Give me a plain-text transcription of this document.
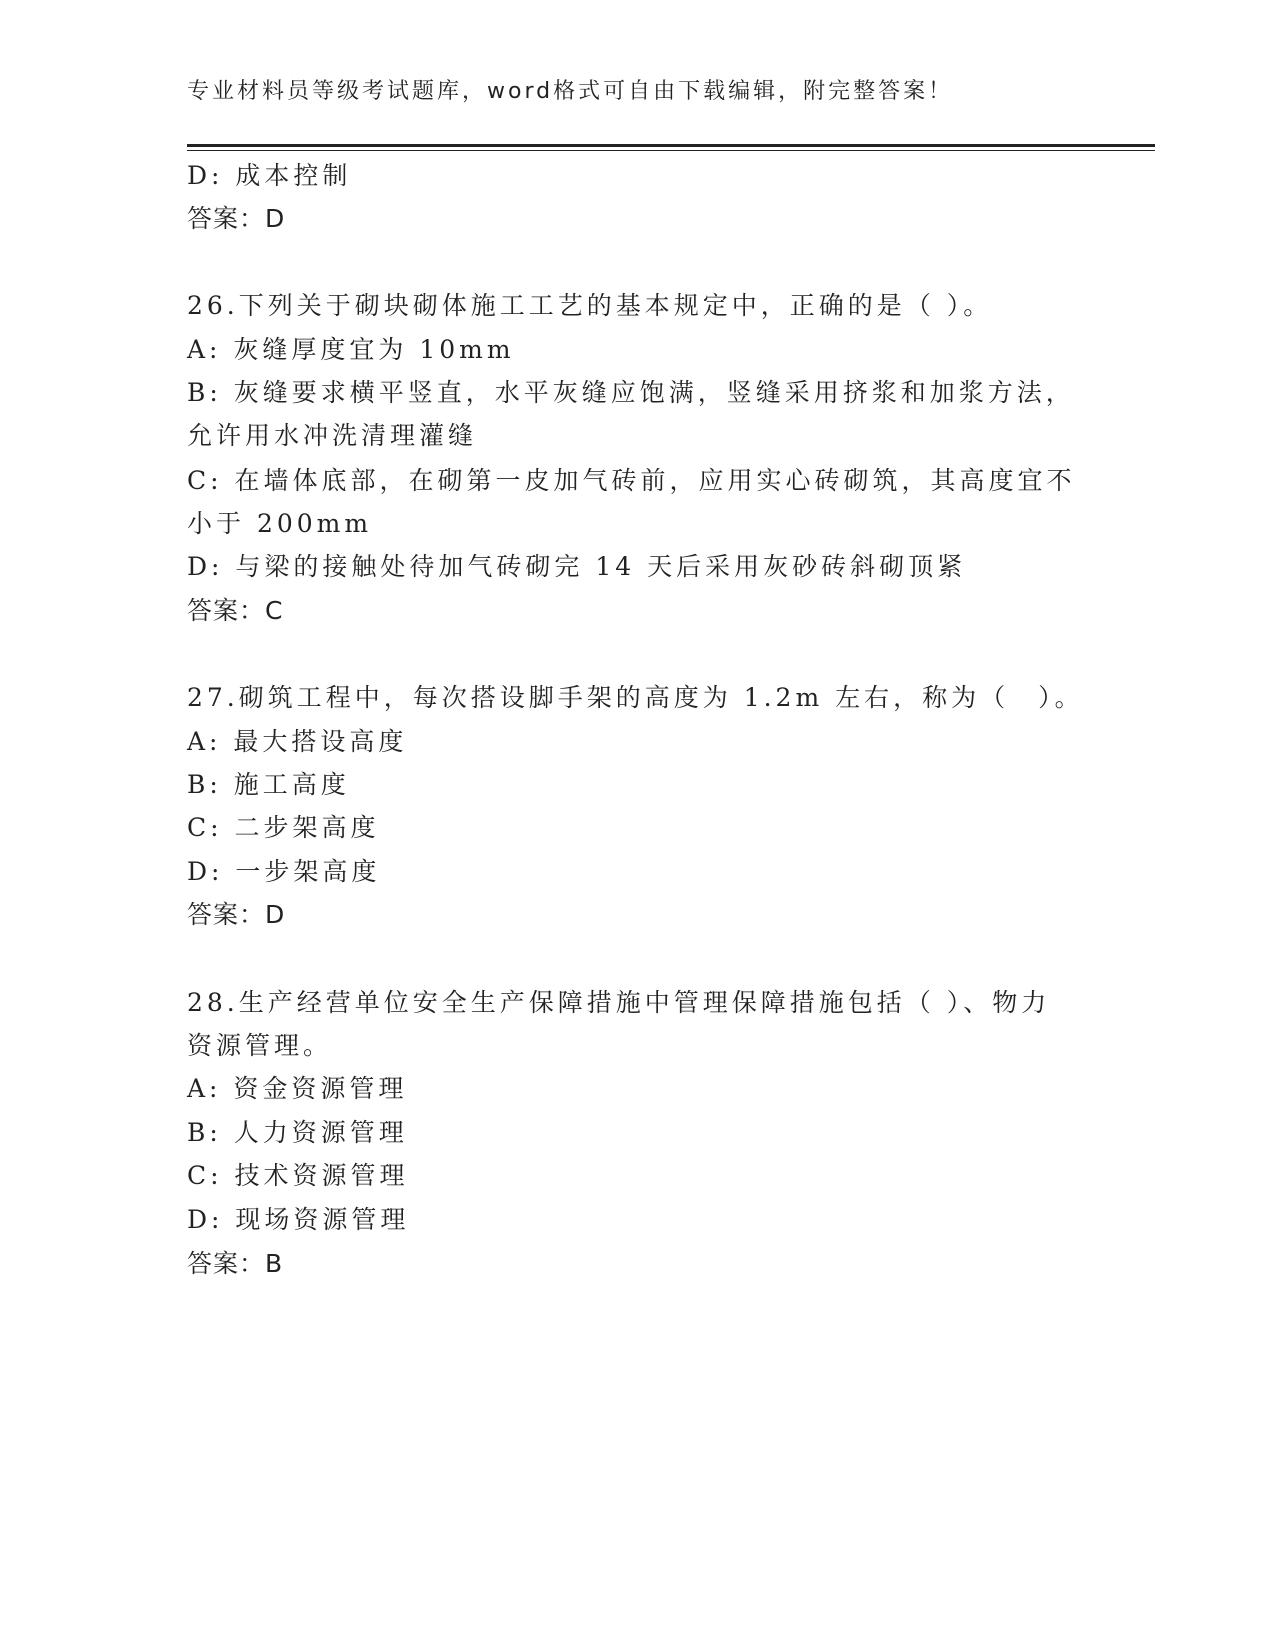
专业材料员等级考试题库，word格式可自由下载编辑，附完整答案！
D: 成本控制
答案：D
26.下列关于砌块砌体施工工艺的基本规定中，正确的是（ ）。
A: 灰缝厚度宜为 10mm
B: 灰缝要求横平竖直，水平灰缝应饱满，竖缝采用挤浆和加浆方法，
允许用水冲洗清理灌缝
C: 在墙体底部，在砌第一皮加气砖前，应用实心砖砌筑，其高度宜不
小于 200mm
D: 与梁的接触处待加气砖砌完 14 天后采用灰砂砖斜砌顶紧
答案：C
27.砌筑工程中，每次搭设脚手架的高度为 1.2m 左右，称为（　）。
A: 最大搭设高度
B: 施工高度
C: 二步架高度
D: 一步架高度
答案：D
28.生产经营单位安全生产保障措施中管理保障措施包括（ ）、物力
资源管理。
A: 资金资源管理
B: 人力资源管理
C: 技术资源管理
D: 现场资源管理
答案：B
